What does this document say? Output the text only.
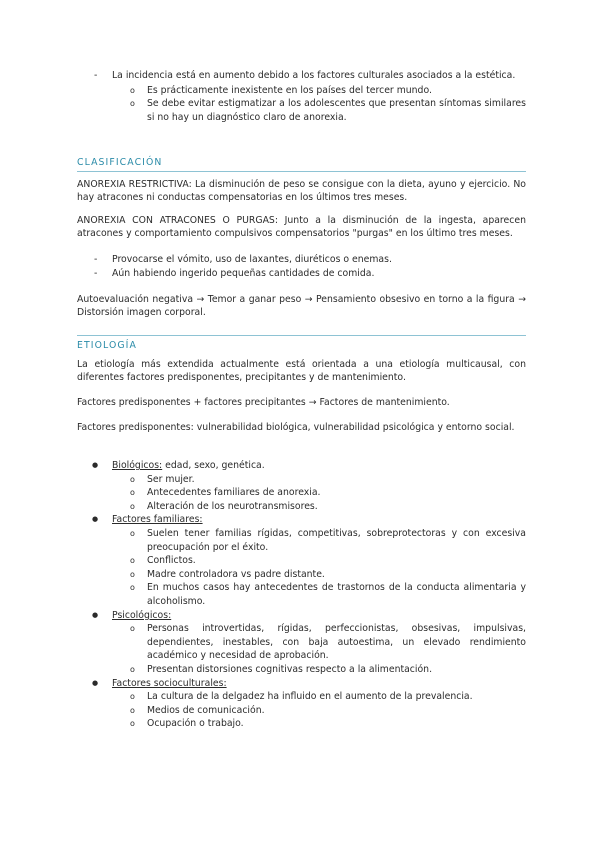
- La incidencia está en aumento debido a los factores culturales asociados a la estética.
o Es prácticamente inexistente en los países del tercer mundo.
o Se debe evitar estigmatizar a los adolescentes que presentan síntomas similares si no hay un diagnóstico claro de anorexia.
CLASIFICACIÓN

ANOREXIA RESTRICTIVA: La disminución de peso se consigue con la dieta, ayuno y ejercicio. No hay atracones ni conductas compensatorias en los últimos tres meses.

ANOREXIA CON ATRACONES O PURGAS: Junto a la disminución de la ingesta, aparecen atracones y comportamiento compulsivos compensatorios "purgas" en los último tres meses.

- Provocarse el vómito, uso de laxantes, diuréticos o enemas.
- Aún habiendo ingerido pequeñas cantidades de comida.

Autoevaluación negativa → Temor a ganar peso → Pensamiento obsesivo en torno a la figura → Distorsión imagen corporal.

ETIOLOGÍA

La etiología más extendida actualmente está orientada a una etiología multicausal, con diferentes factores predisponentes, precipitantes y de mantenimiento.

Factores predisponentes + factores precipitantes → Factores de mantenimiento.

Factores predisponentes: vulnerabilidad biológica, vulnerabilidad psicológica y entorno social.

● Biológicos: edad, sexo, genética.
o Ser mujer.
o Antecedentes familiares de anorexia.
o Alteración de los neurotransmisores.
● Factores familiares:
o Suelen tener familias rígidas, competitivas, sobreprotectoras y con excesiva preocupación por el éxito.
o Conflictos.
o Madre controladora vs padre distante.
o En muchos casos hay antecedentes de trastornos de la conducta alimentaria y alcoholismo.
● Psicológicos:
o Personas introvertidas, rígidas, perfeccionistas, obsesivas, impulsivas, dependientes, inestables, con baja autoestima, un elevado rendimiento académico y necesidad de aprobación.
o Presentan distorsiones cognitivas respecto a la alimentación.
● Factores socioculturales:
o La cultura de la delgadez ha influido en el aumento de la prevalencia.
o Medios de comunicación.
o Ocupación o trabajo.
